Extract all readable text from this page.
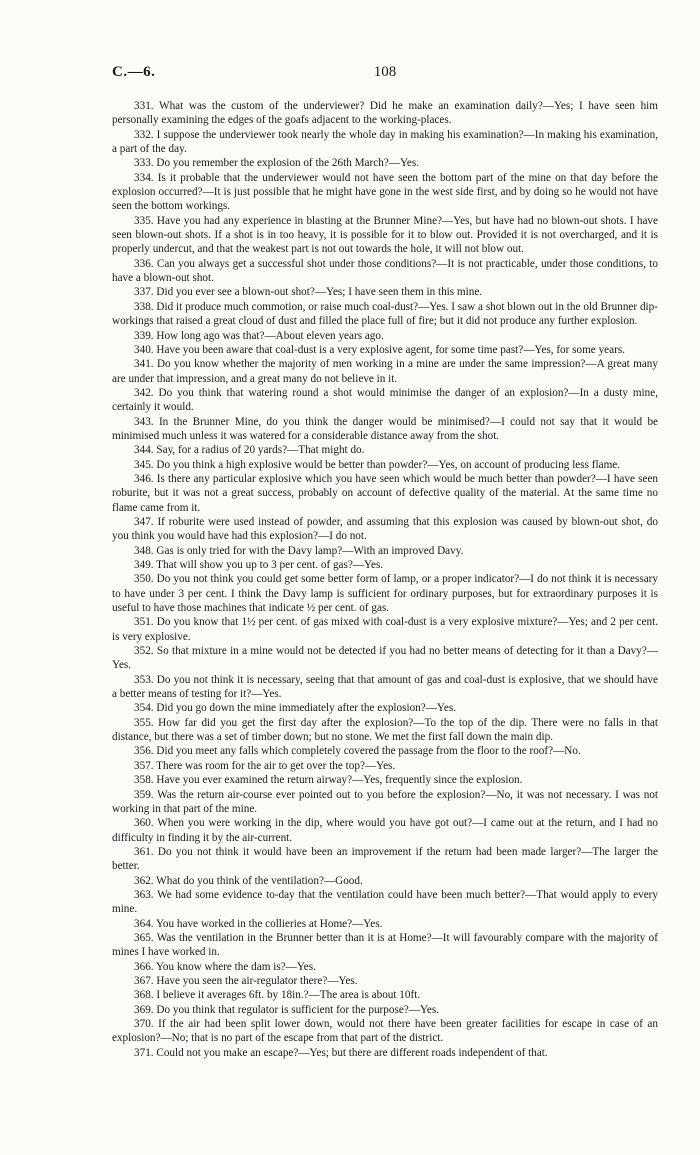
C.—6.	108

331. What was the custom of the underviewer? Did he make an examination daily?—Yes; I have seen him personally examining the edges of the goafs adjacent to the working-places.

332. I suppose the underviewer took nearly the whole day in making his examination?—In making his examination, a part of the day.

333. Do you remember the explosion of the 26th March?—Yes.

334. Is it probable that the underviewer would not have seen the bottom part of the mine on that day before the explosion occurred?—It is just possible that he might have gone in the west side first, and by doing so he would not have seen the bottom workings.

335. Have you had any experience in blasting at the Brunner Mine?—Yes, but have had no blown-out shots. I have seen blown-out shots. If a shot is in too heavy, it is possible for it to blow out. Provided it is not overcharged, and it is properly undercut, and that the weakest part is not out towards the hole, it will not blow out.

336. Can you always get a successful shot under those conditions?—It is not practicable, under those conditions, to have a blown-out shot.

337. Did you ever see a blown-out shot?—Yes; I have seen them in this mine.

338. Did it produce much commotion, or raise much coal-dust?—Yes. I saw a shot blown out in the old Brunner dip-workings that raised a great cloud of dust and filled the place full of fire; but it did not produce any further explosion.

339. How long ago was that?—About eleven years ago.

340. Have you been aware that coal-dust is a very explosive agent, for some time past?—Yes, for some years.

341. Do you know whether the majority of men working in a mine are under the same impression?—A great many are under that impression, and a great many do not believe in it.

342. Do you think that watering round a shot would minimise the danger of an explosion?—In a dusty mine, certainly it would.

343. In the Brunner Mine, do you think the danger would be minimised?—I could not say that it would be minimised much unless it was watered for a considerable distance away from the shot.

344. Say, for a radius of 20 yards?—That might do.

345. Do you think a high explosive would be better than powder?—Yes, on account of producing less flame.

346. Is there any particular explosive which you have seen which would be much better than powder?—I have seen roburite, but it was not a great success, probably on account of defective quality of the material. At the same time no flame came from it.

347. If roburite were used instead of powder, and assuming that this explosion was caused by blown-out shot, do you think you would have had this explosion?—I do not.

348. Gas is only tried for with the Davy lamp?—With an improved Davy.

349. That will show you up to 3 per cent. of gas?—Yes.

350. Do you not think you could get some better form of lamp, or a proper indicator?—I do not think it is necessary to have under 3 per cent. I think the Davy lamp is sufficient for ordinary purposes, but for extraordinary purposes it is useful to have those machines that indicate ½ per cent. of gas.

351. Do you know that 1½ per cent. of gas mixed with coal-dust is a very explosive mixture?—Yes; and 2 per cent. is very explosive.

352. So that mixture in a mine would not be detected if you had no better means of detecting for it than a Davy?—Yes.

353. Do you not think it is necessary, seeing that that amount of gas and coal-dust is explosive, that we should have a better means of testing for it?—Yes.

354. Did you go down the mine immediately after the explosion?—Yes.

355. How far did you get the first day after the explosion?—To the top of the dip. There were no falls in that distance, but there was a set of timber down; but no stone. We met the first fall down the main dip.

356. Did you meet any falls which completely covered the passage from the floor to the roof?—No.

357. There was room for the air to get over the top?—Yes.

358. Have you ever examined the return airway?—Yes, frequently since the explosion.

359. Was the return air-course ever pointed out to you before the explosion?—No, it was not necessary. I was not working in that part of the mine.

360. When you were working in the dip, where would you have got out?—I came out at the return, and I had no difficulty in finding it by the air-current.

361. Do you not think it would have been an improvement if the return had been made larger?—The larger the better.

362. What do you think of the ventilation?—Good.

363. We had some evidence to-day that the ventilation could have been much better?—That would apply to every mine.

364. You have worked in the collieries at Home?—Yes.

365. Was the ventilation in the Brunner better than it is at Home?—It will favourably compare with the majority of mines I have worked in.

366. You know where the dam is?—Yes.

367. Have you seen the air-regulator there?—Yes.

368. I believe it averages 6ft. by 18in.?—The area is about 10ft.

369. Do you think that regulator is sufficient for the purpose?—Yes.

370. If the air had been split lower down, would not there have been greater facilities for escape in case of an explosion?—No; that is no part of the escape from that part of the district.

371. Could not you make an escape?—Yes; but there are different roads independent of that.
